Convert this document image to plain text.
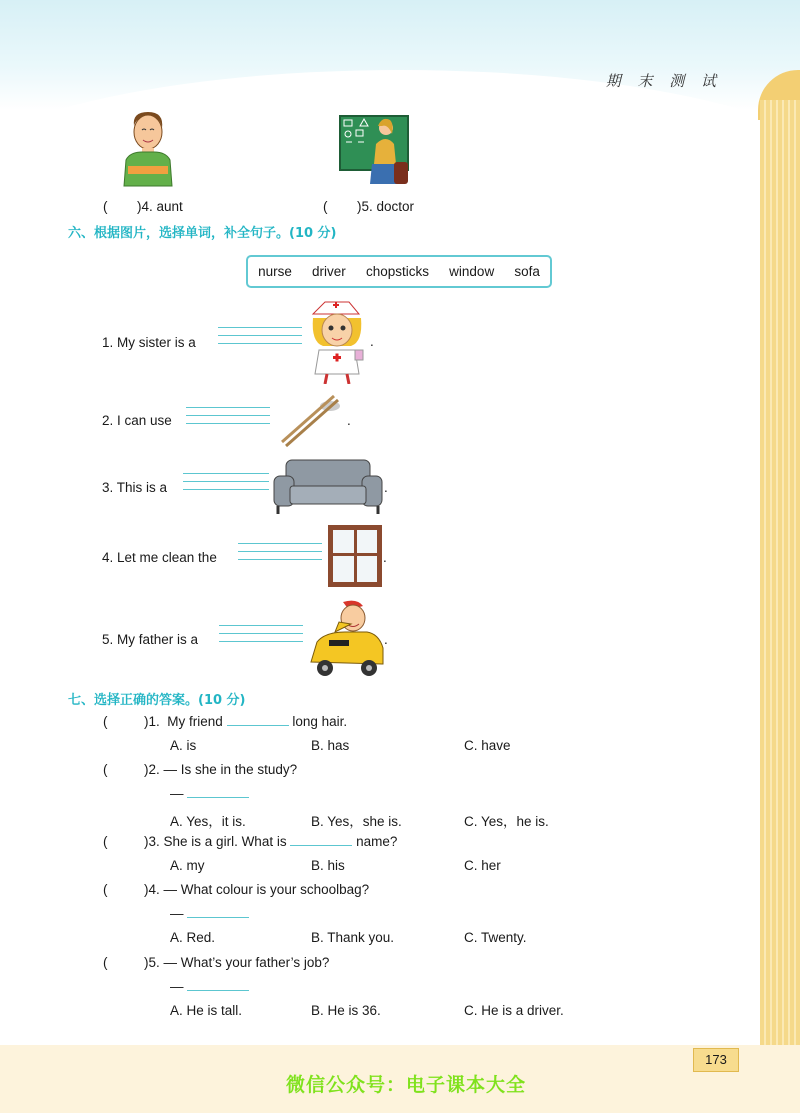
期 末 测 试
( )4. aunt	( )5. doctor
六、根据图片，选择单词，补全句子。(10 分)
nurse driver chopsticks window sofa
1. My sister is a	.
2. I can use	.
3. This is a	.
4. Let me clean the	.
5. My father is a	.
七、选择正确的答案。(10 分)
(	)1. My friend	long hair.
A. is	B. has	C. have
(	)2. — Is she in the study?
—
A. Yes，it is.	B. Yes，she is.	C. Yes，he is.
(	)3. She is a girl. What is	name?
A. my	B. his	C. her
(	)4. — What colour is your schoolbag?
—
A. Red.	B. Thank you.	C. Twenty.
(	)5. — What’s your father’s job?
—
A. He is tall.	B. He is 36.	C. He is a driver.
173
微信公众号：电子课本大全
